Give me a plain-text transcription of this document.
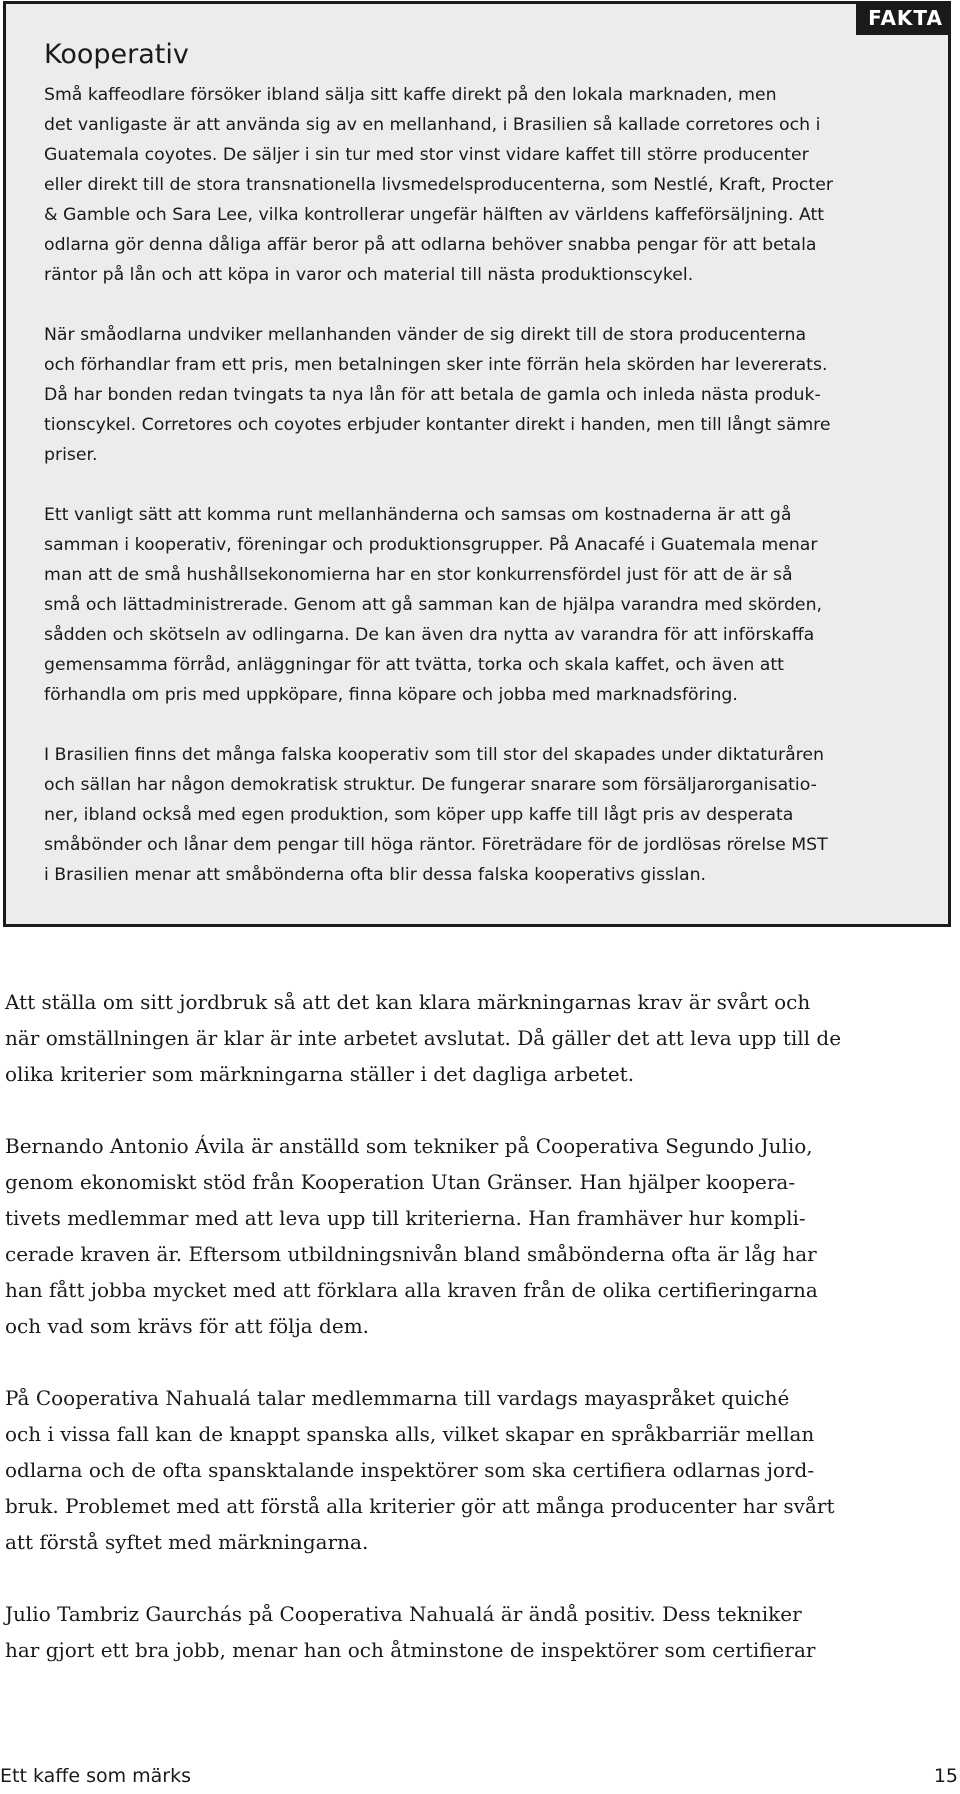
FAKTA
Kooperativ

Små kaffeodlare försöker ibland sälja sitt kaffe direkt på den lokala marknaden, men
det vanligaste är att använda sig av en mellanhand, i Brasilien så kallade corretores och i
Guatemala coyotes. De säljer i sin tur med stor vinst vidare kaffet till större producenter
eller direkt till de stora transnationella livsmedelsproducenterna, som Nestlé, Kraft, Procter
& Gamble och Sara Lee, vilka kontrollerar ungefär hälften av världens kaffeförsäljning. Att
odlarna gör denna dåliga affär beror på att odlarna behöver snabba pengar för att betala
räntor på lån och att köpa in varor och material till nästa produktionscykel.

När småodlarna undviker mellanhanden vänder de sig direkt till de stora producenterna
och förhandlar fram ett pris, men betalningen sker inte förrän hela skörden har levererats.
Då har bonden redan tvingats ta nya lån för att betala de gamla och inleda nästa produk-
tionscykel. Corretores och coyotes erbjuder kontanter direkt i handen, men till långt sämre
priser.

Ett vanligt sätt att komma runt mellanhänderna och samsas om kostnaderna är att gå
samman i kooperativ, föreningar och produktionsgrupper. På Anacafé i Guatemala menar
man att de små hushållsekonomierna har en stor konkurrensfördel just för att de är så
små och lättadministrerade. Genom att gå samman kan de hjälpa varandra med skörden,
sådden och skötseln av odlingarna. De kan även dra nytta av varandra för att införskaffa
gemensamma förråd, anläggningar för att tvätta, torka och skala kaffet, och även att
förhandla om pris med uppköpare, finna köpare och jobba med marknadsföring.

I Brasilien finns det många falska kooperativ som till stor del skapades under diktaturåren
och sällan har någon demokratisk struktur. De fungerar snarare som försäljarorganisatio-
ner, ibland också med egen produktion, som köper upp kaffe till lågt pris av desperata
småbönder och lånar dem pengar till höga räntor. Företrädare för de jordlösas rörelse MST
i Brasilien menar att småbönderna ofta blir dessa falska kooperativs gisslan.

Att ställa om sitt jordbruk så att det kan klara märkningarnas krav är svårt och
när omställningen är klar är inte arbetet avslutat. Då gäller det att leva upp till de
olika kriterier som märkningarna ställer i det dagliga arbetet.

Bernando Antonio Ávila är anställd som tekniker på Cooperativa Segundo Julio,
genom ekonomiskt stöd från Kooperation Utan Gränser. Han hjälper koopera-
tivets medlemmar med att leva upp till kriterierna. Han framhäver hur kompli-
cerade kraven är. Eftersom utbildningsnivån bland småbönderna ofta är låg har
han fått jobba mycket med att förklara alla kraven från de olika certifieringarna
och vad som krävs för att följa dem.

På Cooperativa Nahualá talar medlemmarna till vardags mayaspråket quiché
och i vissa fall kan de knappt spanska alls, vilket skapar en språkbarriär mellan
odlarna och de ofta spansktalande inspektörer som ska certifiera odlarnas jord-
bruk. Problemet med att förstå alla kriterier gör att många producenter har svårt
att förstå syftet med märkningarna.

Julio Tambriz Gaurchás på Cooperativa Nahualá är ändå positiv. Dess tekniker
har gjort ett bra jobb, menar han och åtminstone de inspektörer som certifierar

Ett kaffe som märks	15
